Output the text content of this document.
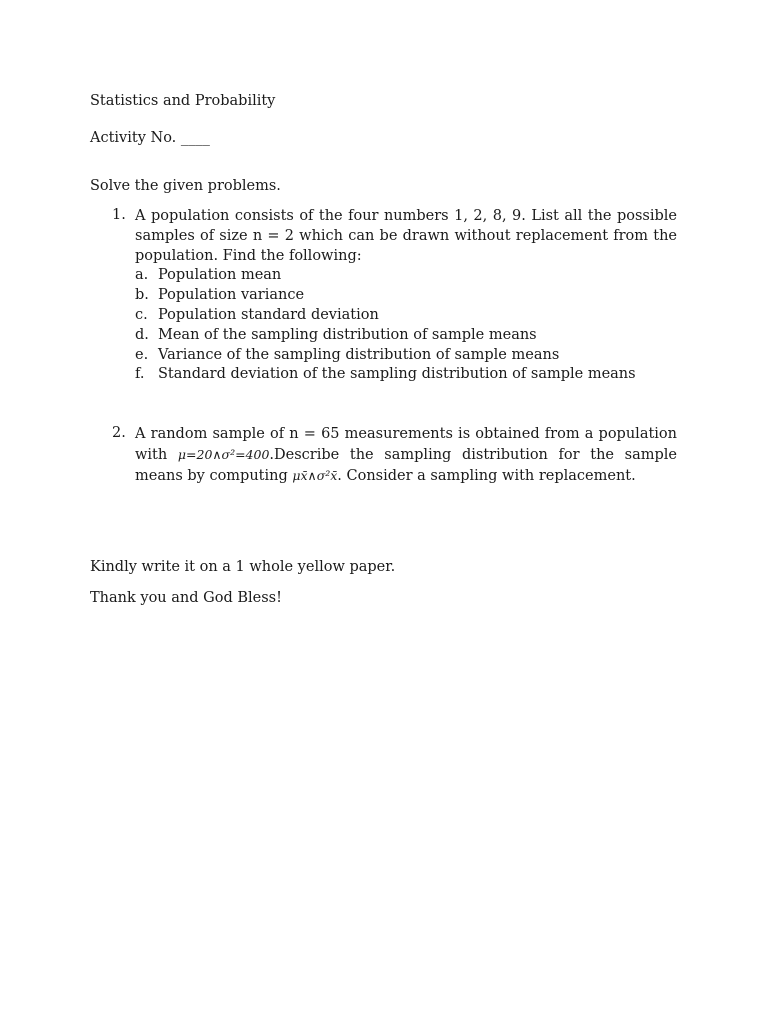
Statistics and Probability
Activity No. ____
Solve the given problems.
1. A population consists of the four numbers 1, 2, 8, 9. List all the possible samples of size n = 2 which can be drawn without replacement from the population. Find the following:
a. Population mean
b. Population variance
c. Population standard deviation
d. Mean of the sampling distribution of sample means
e. Variance of the sampling distribution of sample means
f. Standard deviation of the sampling distribution of sample means
2. A random sample of n = 65 measurements is obtained from a population with μ=20∧σ²=400.Describe the sampling distribution for the sample means by computing μx̄∧σ²x̄. Consider a sampling with replacement.
Kindly write it on a 1 whole yellow paper.
Thank you and God Bless!
